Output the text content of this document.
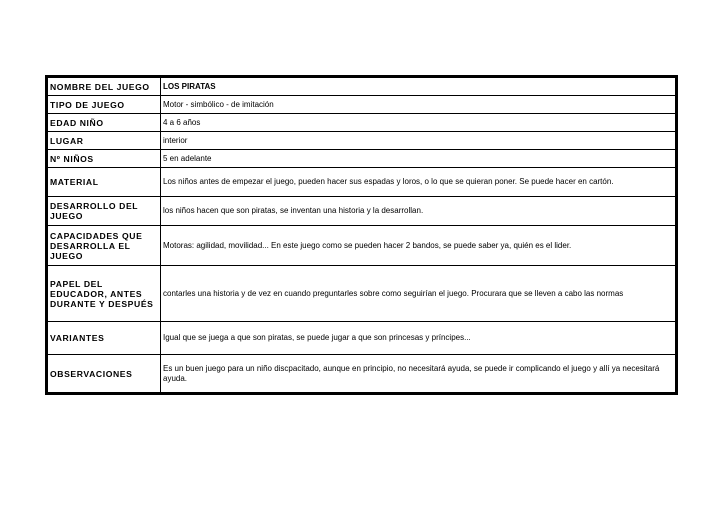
NOMBRE DEL JUEGO	LOS PIRATAS
TIPO DE JUEGO	Motor - simbólico - de imitación
EDAD NIÑO	4 a 6 años
LUGAR	interior
Nº NIÑOS	5 en adelante
MATERIAL	Los niños antes de empezar el juego, pueden hacer sus espadas y loros, o lo que se quieran poner. Se puede hacer en cartón.
DESARROLLO DEL JUEGO	los niños hacen que son piratas, se inventan una historia y la desarrollan.
CAPACIDADES QUE DESARROLLA EL JUEGO	Motoras: agilidad, movilidad... En este juego como se pueden hacer 2 bandos, se puede saber ya, quién es el lider.
PAPEL DEL EDUCADOR, ANTES DURANTE Y DESPUÉS	contarles una historia y de vez en cuando preguntarles sobre como seguirían el juego. Procurara que se lleven a cabo las normas
VARIANTES	Igual que se juega a que son piratas, se puede jugar a que son princesas y príncipes...
OBSERVACIONES	Es un buen juego para un niño discpacitado, aunque en principio, no necesitará ayuda, se puede ir complicando el juego y allí ya necesitará ayuda.
